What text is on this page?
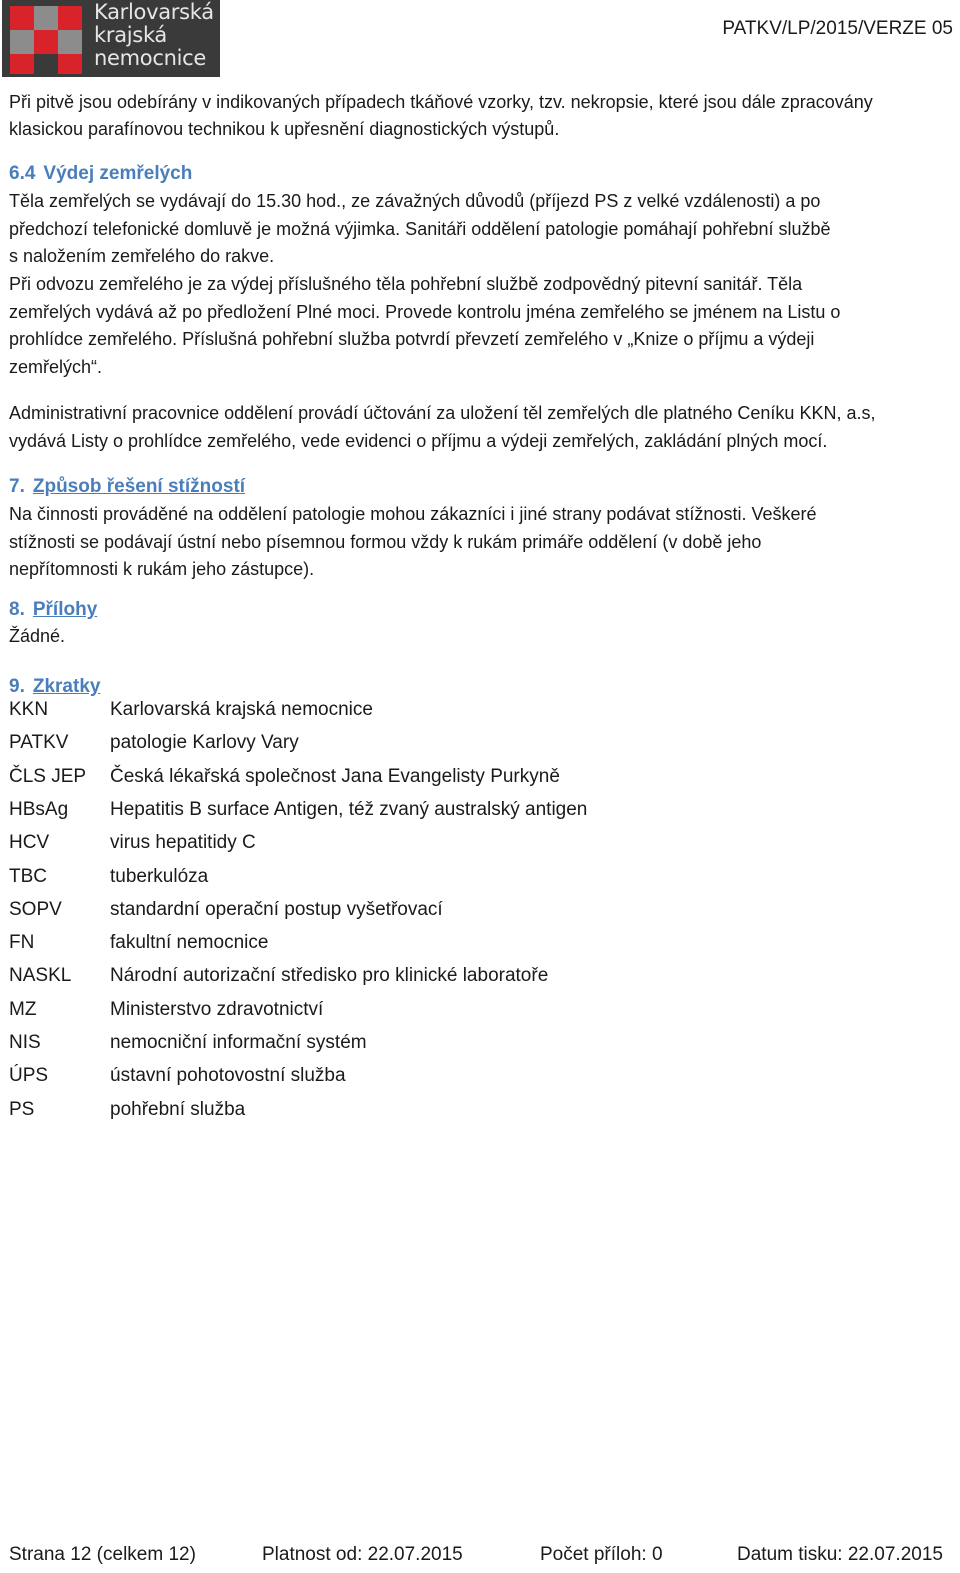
Karlovarská
krajská
nemocnice
PATKV/LP/2015/VERZE 05

Při pitvě jsou odebírány v indikovaných případech tkáňové vzorky, tzv. nekropsie, které jsou dále zpracovány

klasickou parafínovou technikou k upřesnění diagnostických výstupů.

6.4 Výdej zemřelých

Těla zemřelých se vydávají do 15.30 hod., ze závažných důvodů (příjezd PS z velké vzdálenosti) a po

předchozí telefonické domluvě je možná výjimka. Sanitáři oddělení patologie pomáhají pohřební službě

s naložením zemřelého do rakve.

Při odvozu zemřelého je za výdej příslušného těla pohřební službě zodpovědný pitevní sanitář. Těla

zemřelých vydává až po předložení Plné moci. Provede kontrolu jména zemřelého se jménem na Listu o

prohlídce zemřelého. Příslušná pohřební služba potvrdí převzetí zemřelého v „Knize o příjmu a výdeji

zemřelých“.

Administrativní pracovnice oddělení provádí účtování za uložení těl zemřelých dle platného Ceníku KKN, a.s,

vydává Listy o prohlídce zemřelého, vede evidenci o příjmu a výdeji zemřelých, zakládání plných mocí.

7. Způsob řešení stížností

Na činnosti prováděné na oddělení patologie mohou zákazníci i jiné strany podávat stížnosti. Veškeré

stížnosti se podávají ústní nebo písemnou formou vždy k rukám primáře oddělení (v době jeho

nepřítomnosti k rukám jeho zástupce).

8. Přílohy

Žádné.

9. Zkratky
KKN	Karlovarská krajská nemocnice
PATKV patologie Karlovy Vary
ČLS JEP Česká lékařská společnost Jana Evangelisty Purkyně
HBsAg Hepatitis B surface Antigen, též zvaný australský antigen
HCV	virus hepatitidy C
TBC	tuberkulóza
SOPV	standardní operační postup vyšetřovací
FN	fakultní nemocnice
NASKL Národní autorizační středisko pro klinické laboratoře
MZ	Ministerstvo zdravotnictví
NIS	nemocniční informační systém
ÚPS	ústavní pohotovostní služba
PS	pohřební služba
Strana 12 (celkem 12)	Platnost od: 22.07.2015	Počet příloh: 0	Datum tisku: 22.07.2015
